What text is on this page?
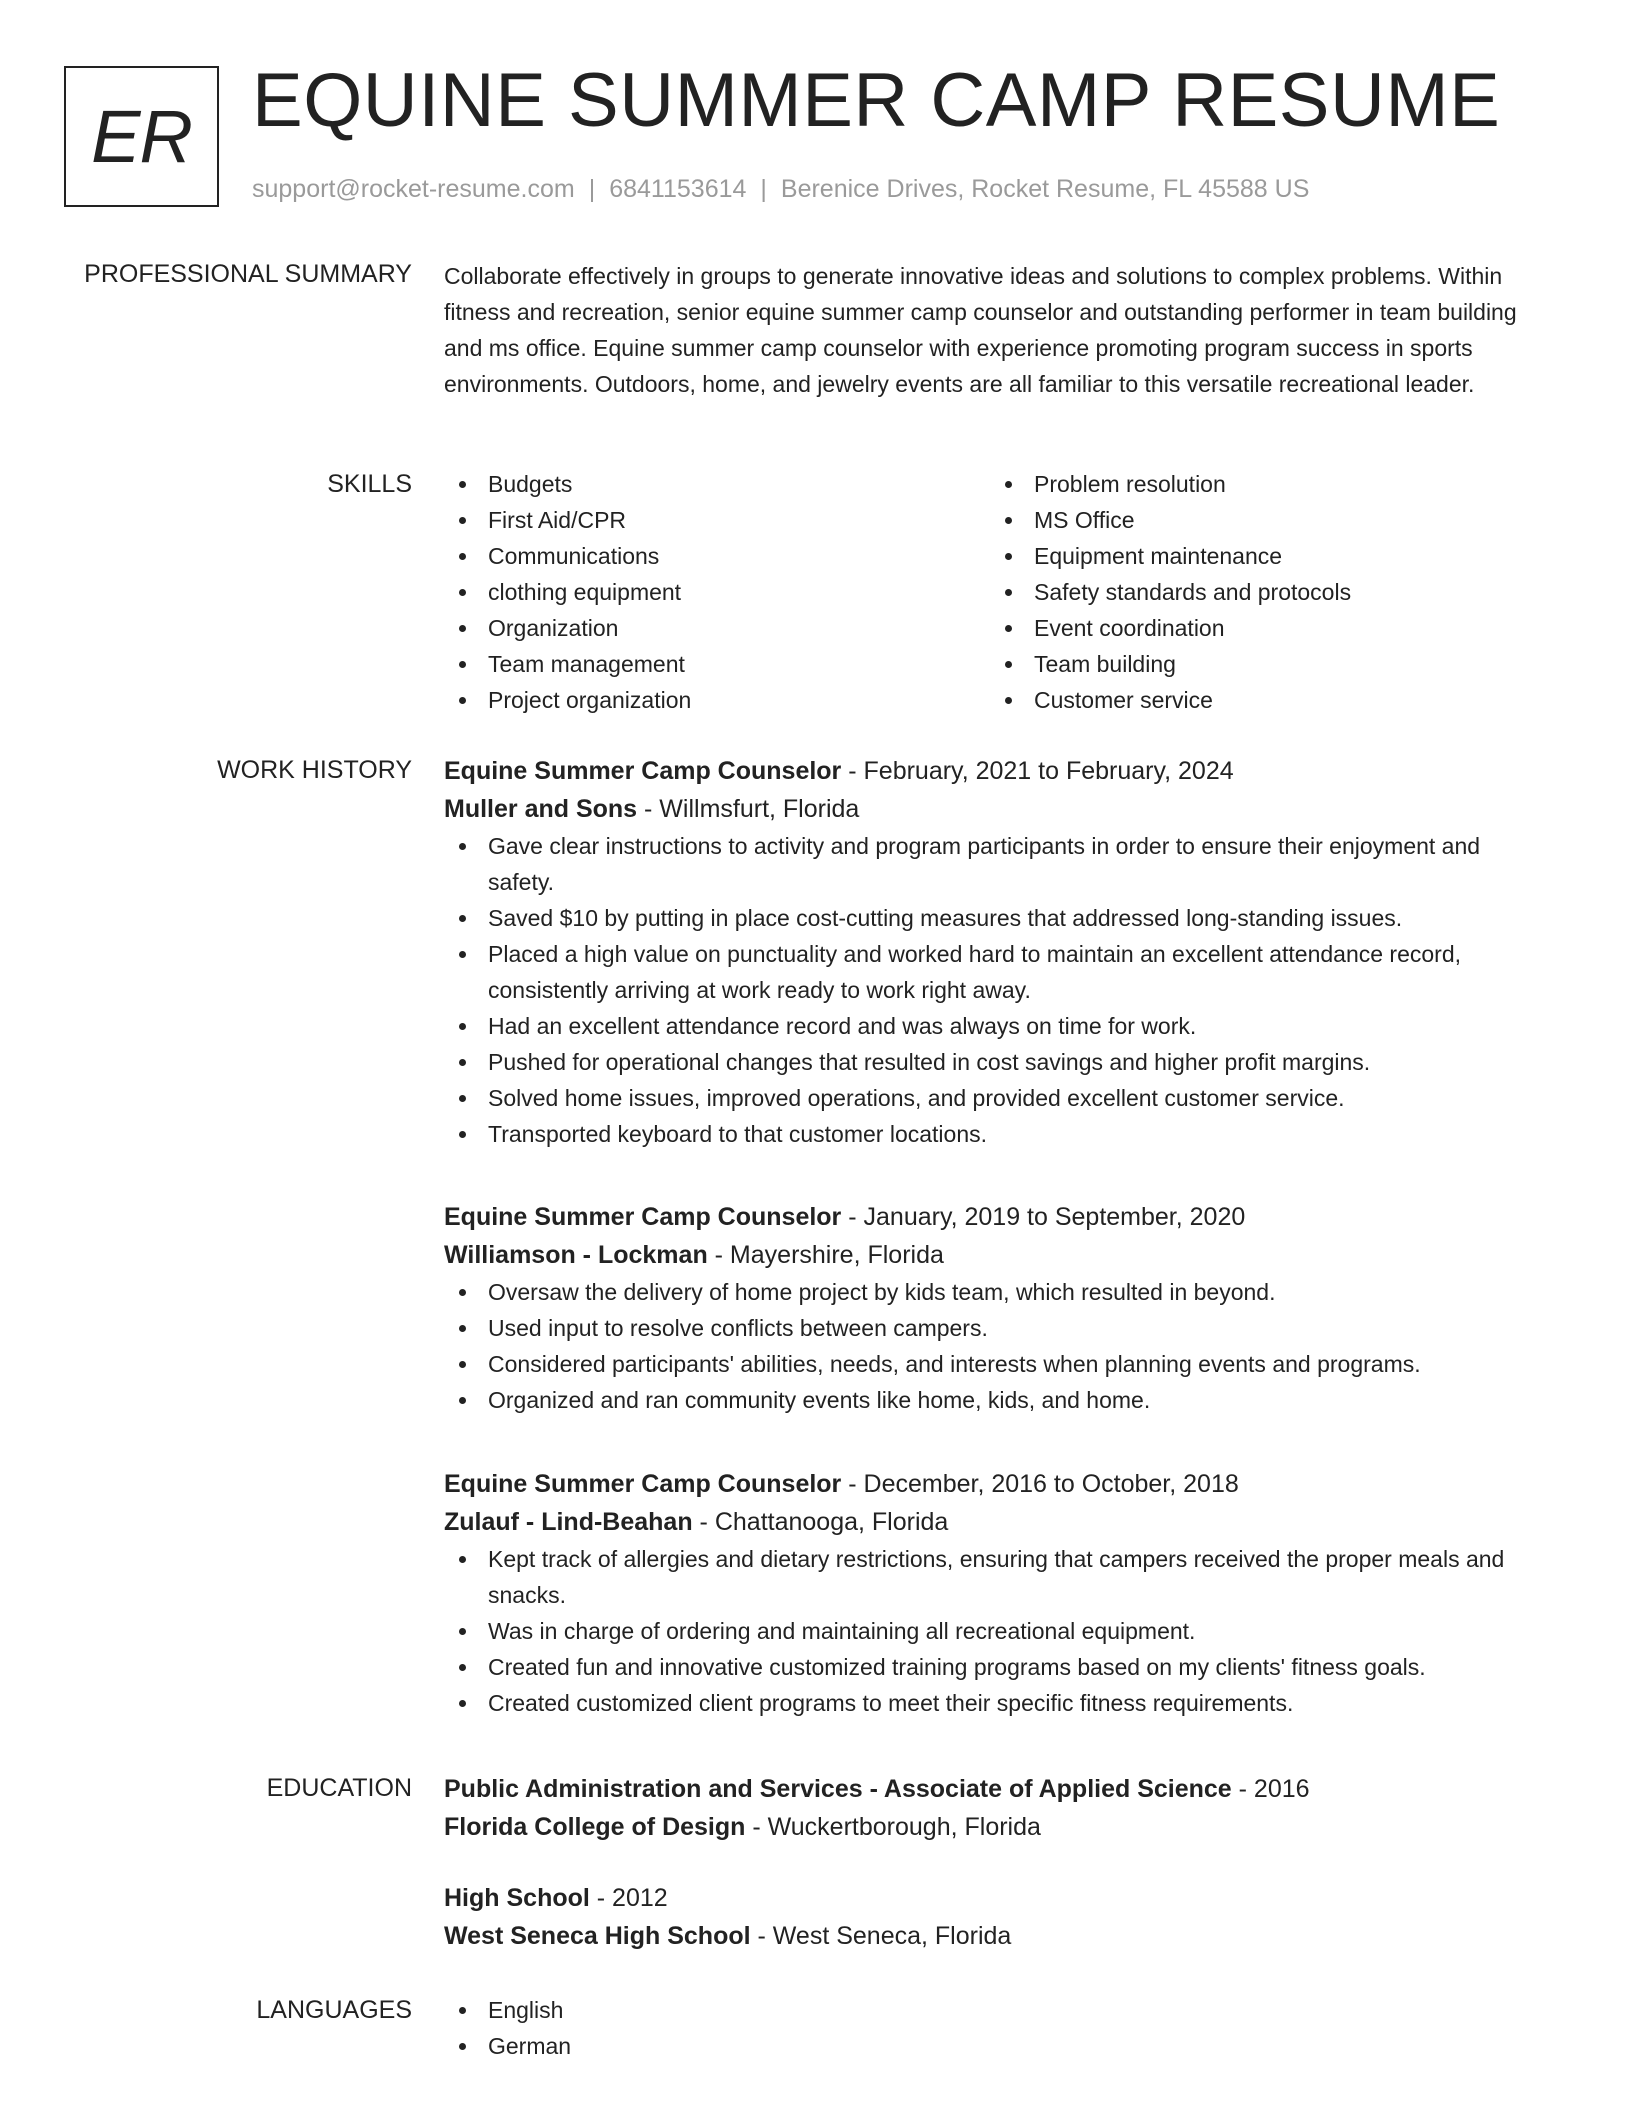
ER EQUINE SUMMER CAMP RESUME
support@rocket-resume.com | 6841153614 | Berenice Drives, Rocket Resume, FL 45588 US
PROFESSIONAL SUMMARY Collaborate effectively in groups to generate innovative ideas and solutions to complex problems. Within fitness and recreation, senior equine summer camp counselor and outstanding performer in team building and ms office. Equine summer camp counselor with experience promoting program success in sports environments. Outdoors, home, and jewelry events are all familiar to this versatile recreational leader.
SKILLS	Budgets
First Aid/CPR
Communications
clothing equipment
Organization
Team management
Project organization
Problem resolution
MS Office
Equipment maintenance
Safety standards and protocols
Event coordination
Team building
Customer service
WORK HISTORY Equine Summer Camp Counselor - February, 2021 to February, 2024
Muller and Sons - Willmsfurt, Florida
Gave clear instructions to activity and program participants in order to ensure their enjoyment and safety.
Saved $10 by putting in place cost-cutting measures that addressed long-standing issues.
Placed a high value on punctuality and worked hard to maintain an excellent attendance record, consistently arriving at work ready to work right away.
Had an excellent attendance record and was always on time for work.
Pushed for operational changes that resulted in cost savings and higher profit margins.
Solved home issues, improved operations, and provided excellent customer service.
Transported keyboard to that customer locations.
Equine Summer Camp Counselor - January, 2019 to September, 2020
Williamson - Lockman - Mayershire, Florida
Oversaw the delivery of home project by kids team, which resulted in beyond.
Used input to resolve conflicts between campers.
Considered participants' abilities, needs, and interests when planning events and programs.
Organized and ran community events like home, kids, and home.
Equine Summer Camp Counselor - December, 2016 to October, 2018
Zulauf - Lind-Beahan - Chattanooga, Florida
Kept track of allergies and dietary restrictions, ensuring that campers received the proper meals and snacks.
Was in charge of ordering and maintaining all recreational equipment.
Created fun and innovative customized training programs based on my clients' fitness goals.
Created customized client programs to meet their specific fitness requirements.
EDUCATION Public Administration and Services - Associate of Applied Science - 2016
Florida College of Design - Wuckertborough, Florida
High School - 2012
West Seneca High School - West Seneca, Florida
LANGUAGES	English
German
